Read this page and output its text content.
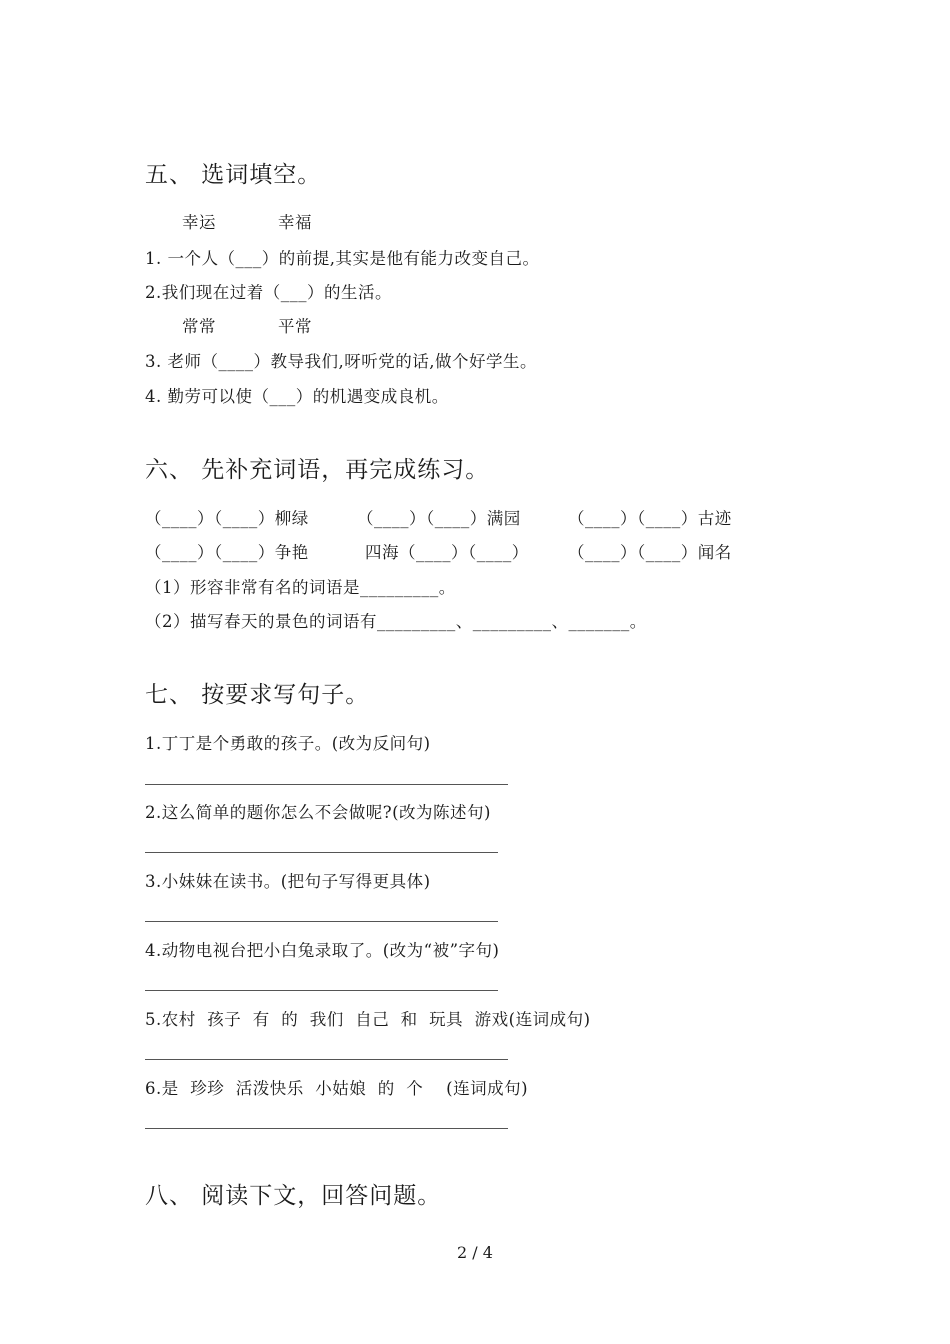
五、 选词填空。
幸运	幸福
1. 一个人（___）的前提,其实是他有能力改变自己。
2.我们现在过着（___）的生活。
常常	平常
3. 老师（____）教导我们,呀听党的话,做个好学生。
4. 勤劳可以使（___）的机遇变成良机。
六、 先补充词语，再完成练习。
（____）（____）柳绿	（____）（____）满园	（____）（____）古迹
（____）（____）争艳	四海（____）（____） （____）（____）闻名
（1）形容非常有名的词语是_________。
（2）描写春天的景色的词语有_________、_________、_______。
七、 按要求写句子。
1.丁丁是个勇敢的孩子。(改为反问句)
2.这么简单的题你怎么不会做呢?(改为陈述句)
3.小妹妹在读书。(把句子写得更具体)
4.动物电视台把小白兔录取了。(改为“被”字句)
5.农村  孩子  有  的  我们  自己  和  玩具  游戏(连词成句)
6.是  珍珍  活泼快乐  小姑娘  的  个    (连词成句)
八、 阅读下文，回答问题。
2 / 4
